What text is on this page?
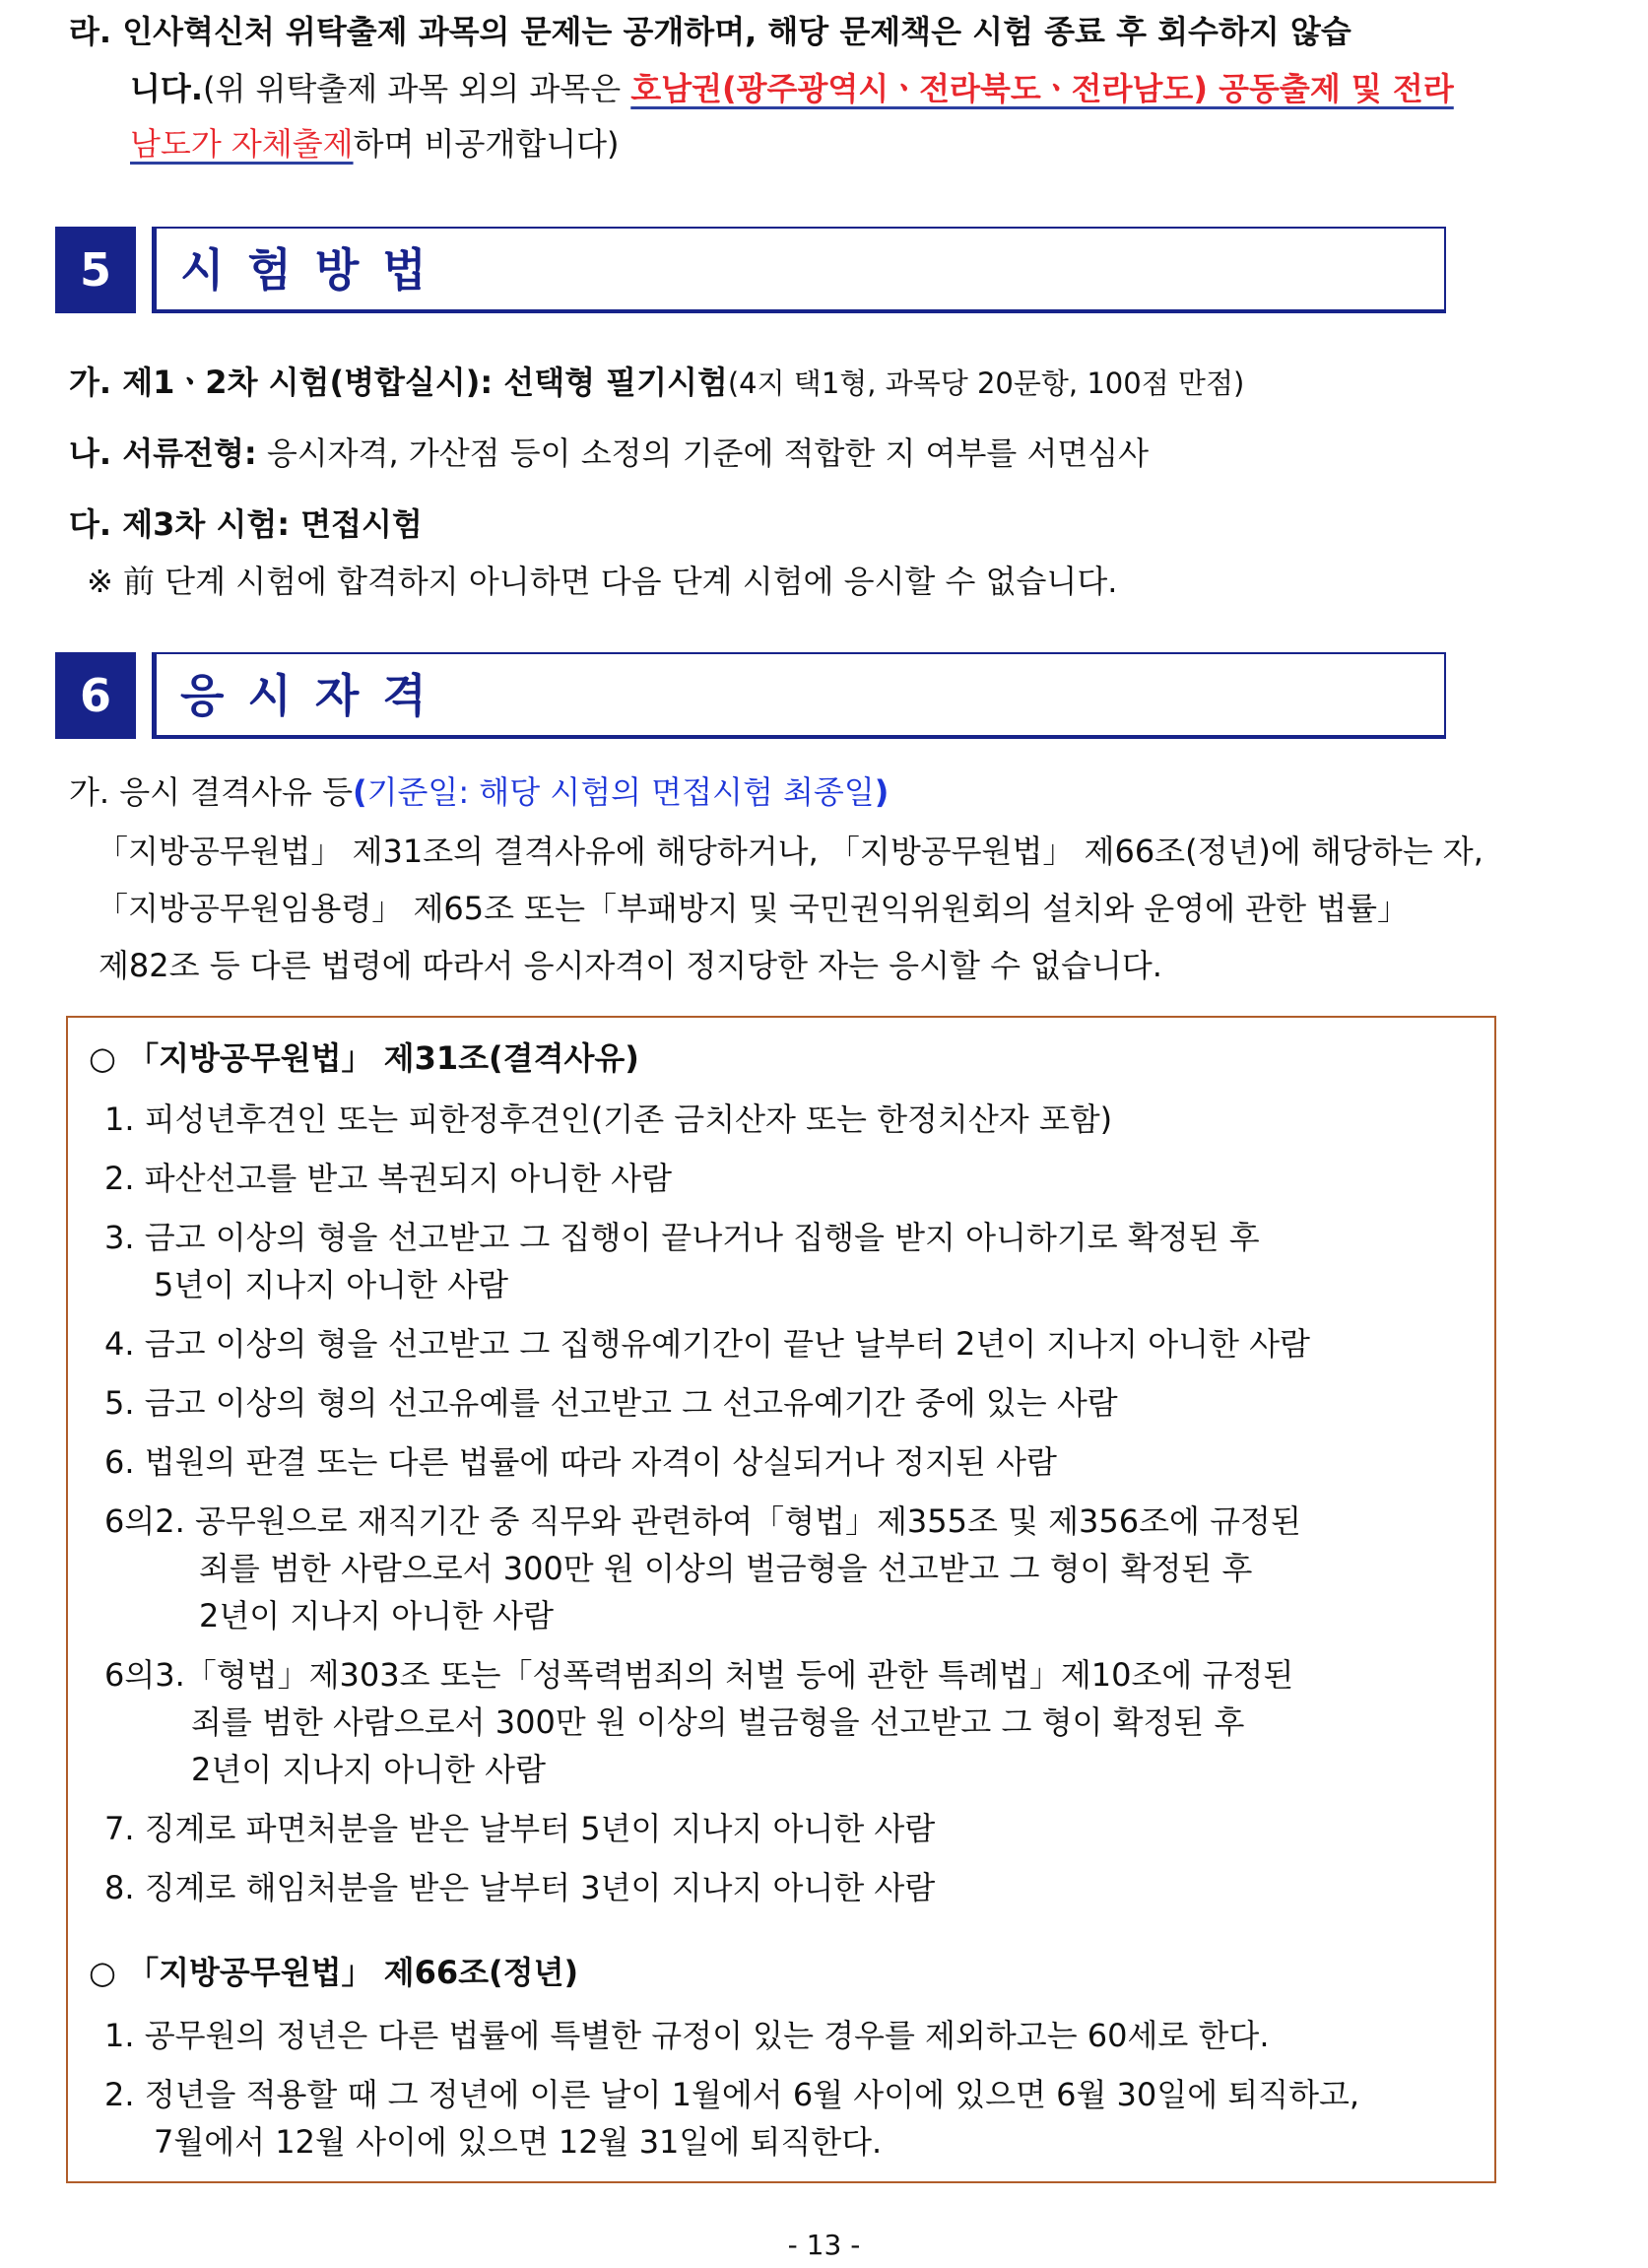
라. 인사혁신처 위탁출제 과목의 문제는 공개하며, 해당 문제책은 시험 종료 후 회수하지 않습
니다.(위 위탁출제 과목 외의 과목은 호남권(광주광역시ㆍ전라북도ㆍ전라남도) 공동출제 및 전라
남도가 자체출제하며 비공개합니다)
5	시험방법
가. 제1ㆍ2차 시험(병합실시): 선택형 필기시험(4지 택1형, 과목당 20문항, 100점 만점)
나. 서류전형: 응시자격, 가산점 등이 소정의 기준에 적합한 지 여부를 서면심사
다. 제3차 시험: 면접시험
※ 前 단계 시험에 합격하지 아니하면 다음 단계 시험에 응시할 수 없습니다.
6	응시자격
가. 응시 결격사유 등(기준일: 해당 시험의 면접시험 최종일)
「지방공무원법」 제31조의 결격사유에 해당하거나, 「지방공무원법」 제66조(정년)에 해당하는 자,
「지방공무원임용령」 제65조 또는「부패방지 및 국민권익위원회의 설치와 운영에 관한 법률」
제82조 등 다른 법령에 따라서 응시자격이 정지당한 자는 응시할 수 없습니다.
○ 「지방공무원법」 제31조(결격사유)
1. 피성년후견인 또는 피한정후견인(기존 금치산자 또는 한정치산자 포함)
2. 파산선고를 받고 복권되지 아니한 사람
3. 금고 이상의 형을 선고받고 그 집행이 끝나거나 집행을 받지 아니하기로 확정된 후
5년이 지나지 아니한 사람
4. 금고 이상의 형을 선고받고 그 집행유예기간이 끝난 날부터 2년이 지나지 아니한 사람
5. 금고 이상의 형의 선고유예를 선고받고 그 선고유예기간 중에 있는 사람
6. 법원의 판결 또는 다른 법률에 따라 자격이 상실되거나 정지된 사람
6의2. 공무원으로 재직기간 중 직무와 관련하여「형법」제355조 및 제356조에 규정된
죄를 범한 사람으로서 300만 원 이상의 벌금형을 선고받고 그 형이 확정된 후
2년이 지나지 아니한 사람
6의3.「형법」제303조 또는「성폭력범죄의 처벌 등에 관한 특례법」제10조에 규정된
죄를 범한 사람으로서 300만 원 이상의 벌금형을 선고받고 그 형이 확정된 후
2년이 지나지 아니한 사람
7. 징계로 파면처분을 받은 날부터 5년이 지나지 아니한 사람
8. 징계로 해임처분을 받은 날부터 3년이 지나지 아니한 사람
○ 「지방공무원법」 제66조(정년)
1. 공무원의 정년은 다른 법률에 특별한 규정이 있는 경우를 제외하고는 60세로 한다.
2. 정년을 적용할 때 그 정년에 이른 날이 1월에서 6월 사이에 있으면 6월 30일에 퇴직하고,
7월에서 12월 사이에 있으면 12월 31일에 퇴직한다.
- 13 -
